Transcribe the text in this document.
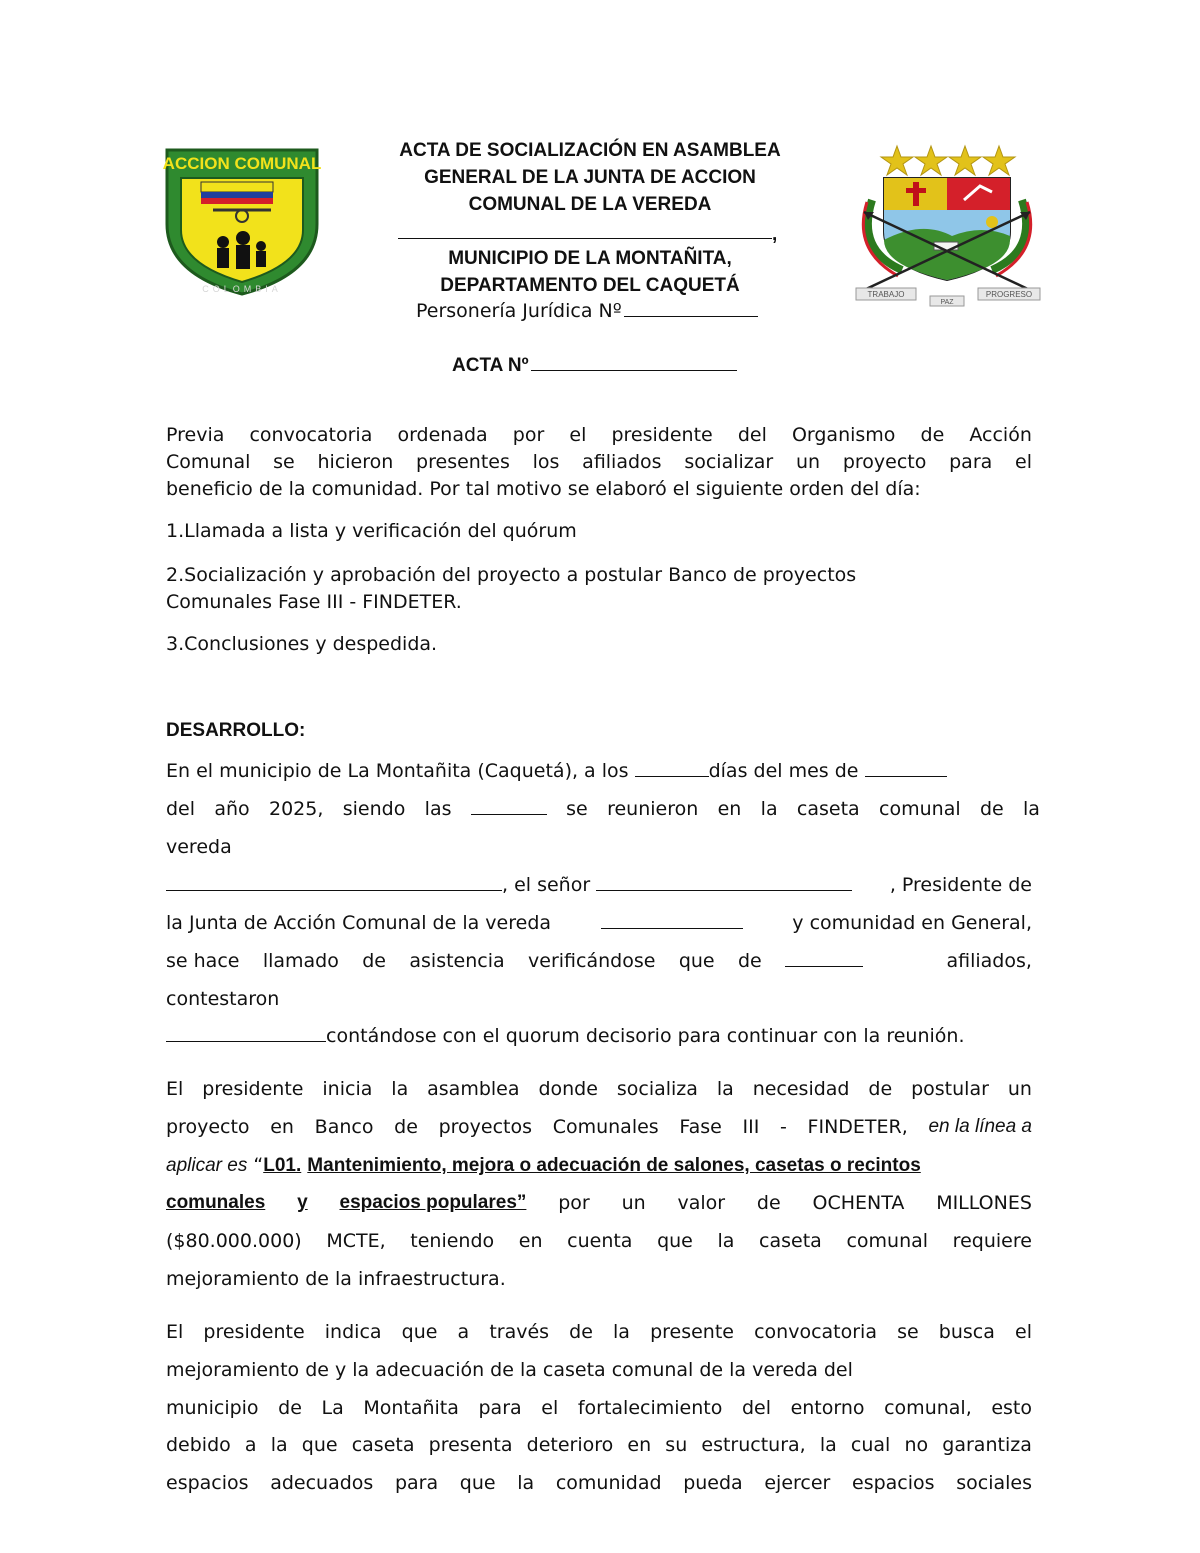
ACCION COMUNAL
COLOMBIA
TRABAJO	PROGRESO
PAZ
ACTA DE SOCIALIZACIÓN EN ASAMBLEA
GENERAL DE LA JUNTA DE ACCION
COMUNAL DE LA VEREDA
,
MUNICIPIO DE LA MONTAÑITA,
DEPARTAMENTO DEL CAQUETÁ
Personería Jurídica Nº
ACTA Nº
Previa convocatoria ordenada por el presidente del Organismo de Acción
Comunal se hicieron presentes los afiliados socializar un proyecto para el
beneficio de la comunidad. Por tal motivo se elaboró el siguiente orden del día:
1.Llamada a lista y verificación del quórum
2.Socialización y aprobación del proyecto a postular Banco de proyectos
Comunales Fase III - FINDETER.
3.Conclusiones y despedida.
DESARROLLO:
En el municipio de La Montañita (Caquetá), a los	días del mes de
del año 2025, siendo las	se reunieron en la caseta comunal de la
vereda
, el señor	, Presidente de
la Junta de Acción Comunal de la vereda	y comunidad en General,
se hace llamado de asistencia verificándose que de	afiliados,
contestaron
contándose con el quorum decisorio para continuar con la reunión.
El presidente inicia la asamblea donde socializa la necesidad de postular un
proyecto en Banco de proyectos Comunales Fase III - FINDETER, en la línea a
aplicar es “L01. Mantenimiento, mejora o adecuación de salones, casetas o recintos
comunales y espacios populares” por un valor de OCHENTA MILLONES
($80.000.000) MCTE, teniendo en cuenta que la caseta comunal requiere
mejoramiento de la infraestructura.
El presidente indica que a través de la presente convocatoria se busca el
mejoramiento de y la adecuación de la caseta comunal de la vereda del
municipio de La Montañita para el fortalecimiento del entorno comunal, esto
debido a la que caseta presenta deterioro en su estructura, la cual no garantiza
espacios adecuados para que la comunidad pueda ejercer espacios sociales
